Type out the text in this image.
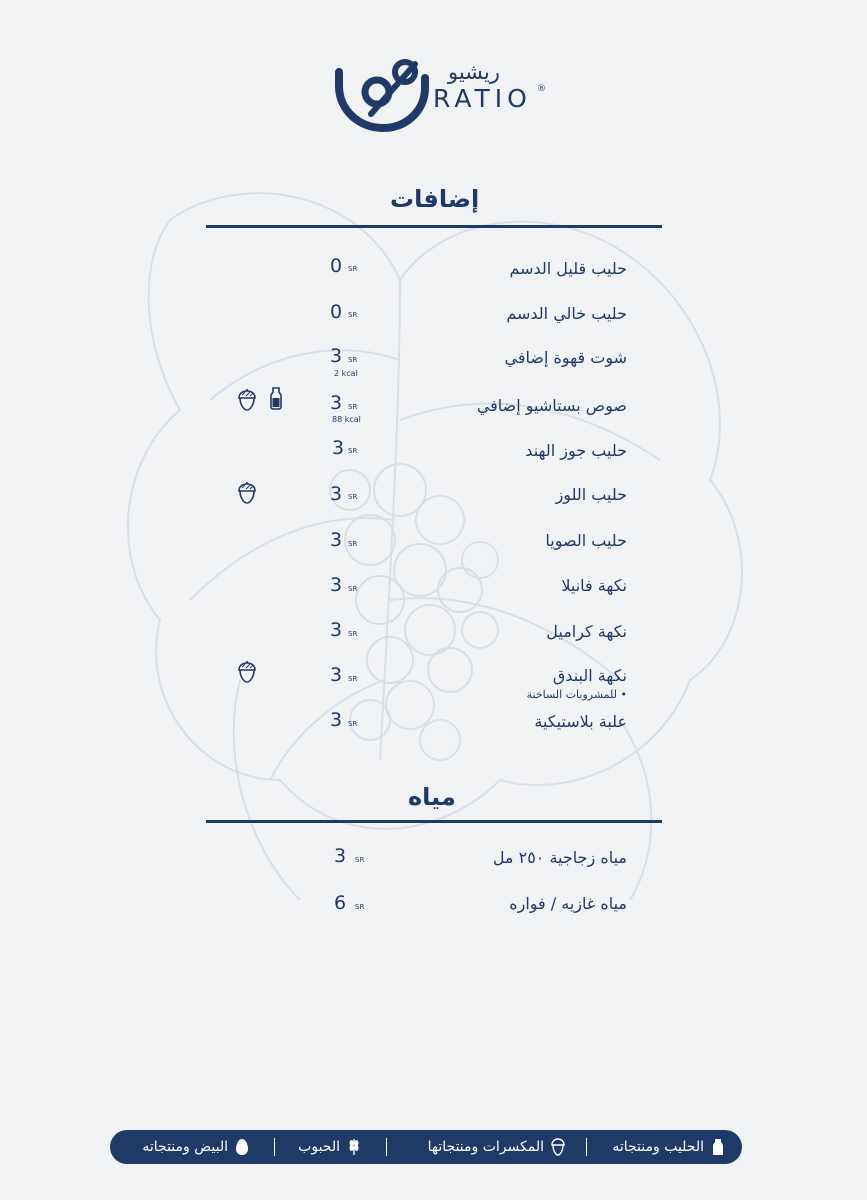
ريشيو
RATIO ®
إضافات
حليب قليل الدسم
0 SR
حليب خالي الدسم
0 SR
شوت قهوة إضافي
3 SR
2 kcal
صوص بستاشيو إضافي
3 SR
88 kcal
حليب جوز الهند
3 SR
حليب اللوز
3 SR
حليب الصويا
3 SR
نكهة فانيلا
3 SR
نكهة كراميل
3 SR
نكهة البندق
• للمشروبات الساخنة
3 SR
علبة بلاستيكية
3 SR
مياه
مياه زجاجية ٢٥٠ مل
3 SR
مياه غازيه / فواره
6 SR
الحليب ومنتجاته
المكسرات ومنتجاتها
الحبوب
البيض ومنتجاته
